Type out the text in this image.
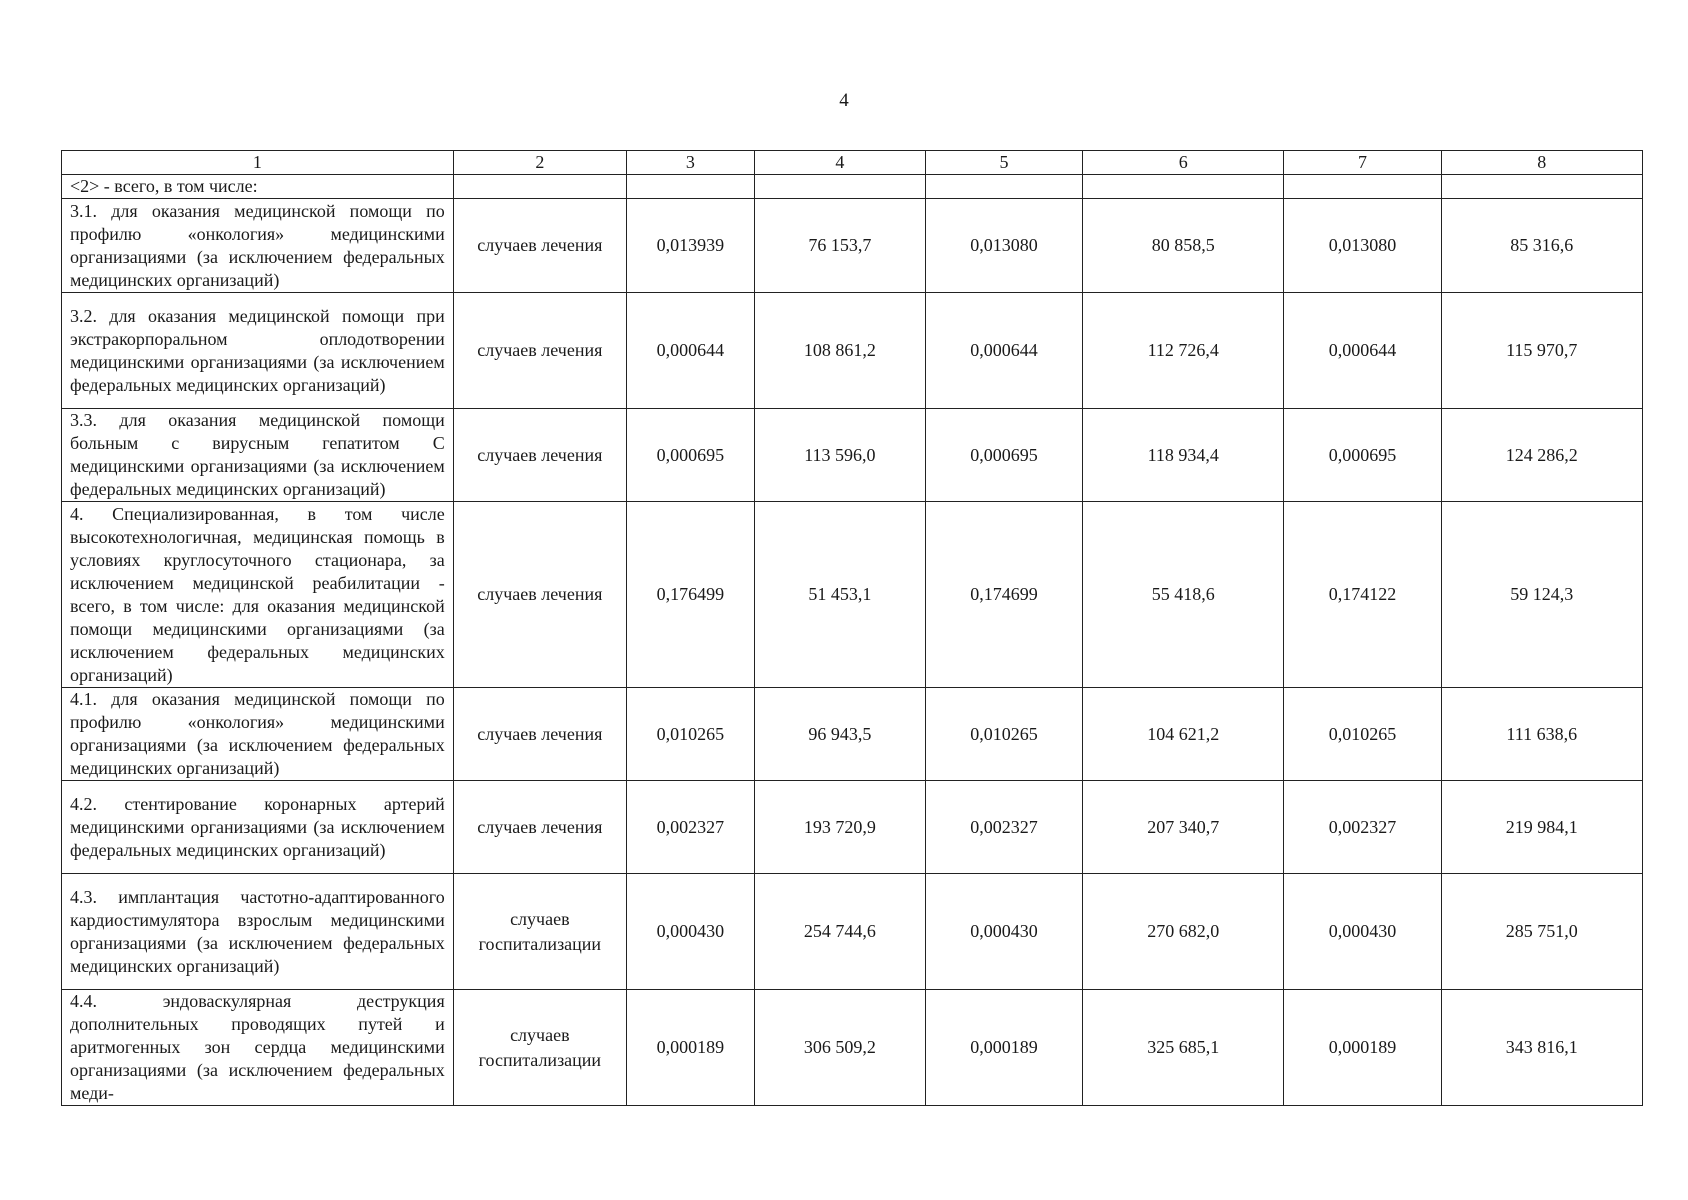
4
1	2	3	4	5	6	7	8
<2> - всего, в том числе:							
3.1. для оказания медицинской помощи по профилю «онкология» медицинскими организациями (за исключением федеральных медицинских организаций)	случаев лечения	0,013939	76 153,7	0,013080	80 858,5	0,013080	85 316,6
3.2. для оказания медицинской помощи при экстракорпоральном оплодотворении медицинскими организациями (за исключением федеральных медицинских организаций)	случаев лечения	0,000644	108 861,2	0,000644	112 726,4	0,000644	115 970,7
3.3. для оказания медицинской помощи больным с вирусным гепатитом С медицинскими организациями (за исключением федеральных медицинских организаций)	случаев лечения	0,000695	113 596,0	0,000695	118 934,4	0,000695	124 286,2
4. Специализированная, в том числе высокотехнологичная, медицинская помощь в условиях круглосуточного стационара, за исключением медицинской реабилитации - всего, в том числе: для оказания медицинской помощи медицинскими организациями (за исключением федеральных медицинских организаций)	случаев лечения	0,176499	51 453,1	0,174699	55 418,6	0,174122	59 124,3
4.1. для оказания медицинской помощи по профилю «онкология» медицинскими организациями (за исключением федеральных медицинских организаций)	случаев лечения	0,010265	96 943,5	0,010265	104 621,2	0,010265	111 638,6
4.2. стентирование коронарных артерий медицинскими организациями (за исключением федеральных медицинских организаций)	случаев лечения	0,002327	193 720,9	0,002327	207 340,7	0,002327	219 984,1
4.3. имплантация частотно-адаптированного кардиостимулятора взрослым медицинскими организациями (за исключением федеральных медицинских организаций)	случаев госпитализации	0,000430	254 744,6	0,000430	270 682,0	0,000430	285 751,0
4.4. эндоваскулярная деструкция дополнительных проводящих путей и аритмогенных зон сердца медицинскими организациями (за исключением федеральных меди-	случаев госпитализации	0,000189	306 509,2	0,000189	325 685,1	0,000189	343 816,1
